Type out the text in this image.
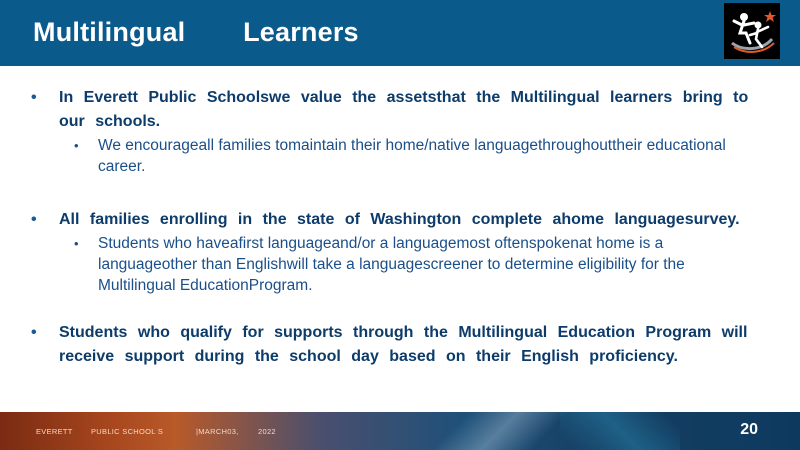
Multilingual Learners
• In Everett Public Schoolswe value the assetsthat the Multilingual learners bring to our schools.
• We encourageall families tomaintain their home/native languagethroughouttheir educational career.
• All families enrolling in the state of Washington complete ahome languagesurvey.
• Students who haveafirst languageand/or a languagemost oftenspokenat home is a languageother than Englishwill take a languagescreener to determine eligibility for the Multilingual EducationProgram.
• Students who qualify for supports through the Multilingual Education Program will receive support during the school day based on their English proficiency.
EVERETT PUBLIC SCHOOL S	|MARCH03,	2022	20
